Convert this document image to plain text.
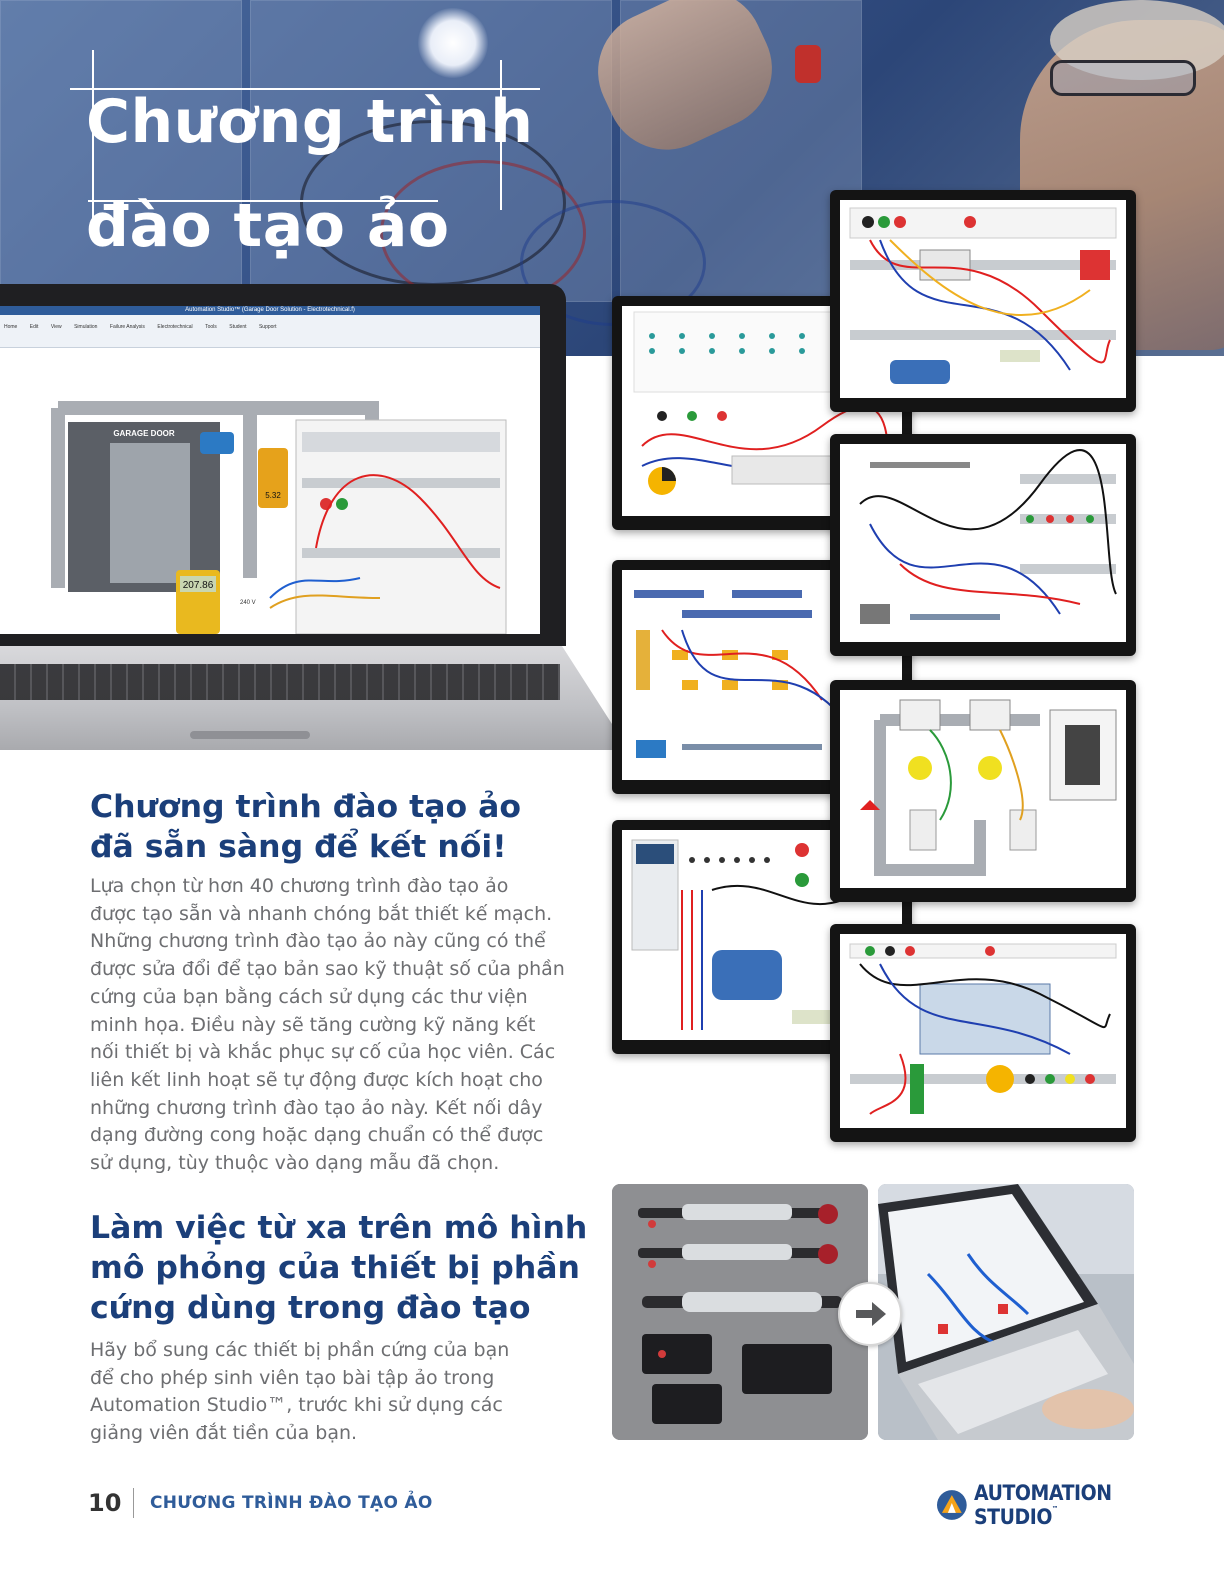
Chương trình
đào tạo ảo
Automation Studio™ (Garage Door Solution - Electrotechnical.f)
Home Edit View Simulation Failure Analysis Electrotechnical Tools Student Support
GARAGE DOOR
5.32
207.86
240 V
Chương trình đào tạo ảo
đã sẵn sàng để kết nối!

Lựa chọn từ hơn 40 chương trình đào tạo ảo
được tạo sẵn và nhanh chóng bắt thiết kế mạch.
Những chương trình đào tạo ảo này cũng có thể
được sửa đổi để tạo bản sao kỹ thuật số của phần
cứng của bạn bằng cách sử dụng các thư viện
minh họa. Điều này sẽ tăng cường kỹ năng kết
nối thiết bị và khắc phục sự cố của học viên. Các
liên kết linh hoạt sẽ tự động được kích hoạt cho
những chương trình đào tạo ảo này. Kết nối dây
dạng đường cong hoặc dạng chuẩn có thể được
sử dụng, tùy thuộc vào dạng mẫu đã chọn.

Làm việc từ xa trên mô hình
mô phỏng của thiết bị phần
cứng dùng trong đào tạo

Hãy bổ sung các thiết bị phần cứng của bạn
để cho phép sinh viên tạo bài tập ảo trong
Automation Studio™, trước khi sử dụng các
giảng viên đắt tiền của bạn.

10 CHƯƠNG TRÌNH ĐÀO TẠO ẢO	AUTOMATION STUDIO™
